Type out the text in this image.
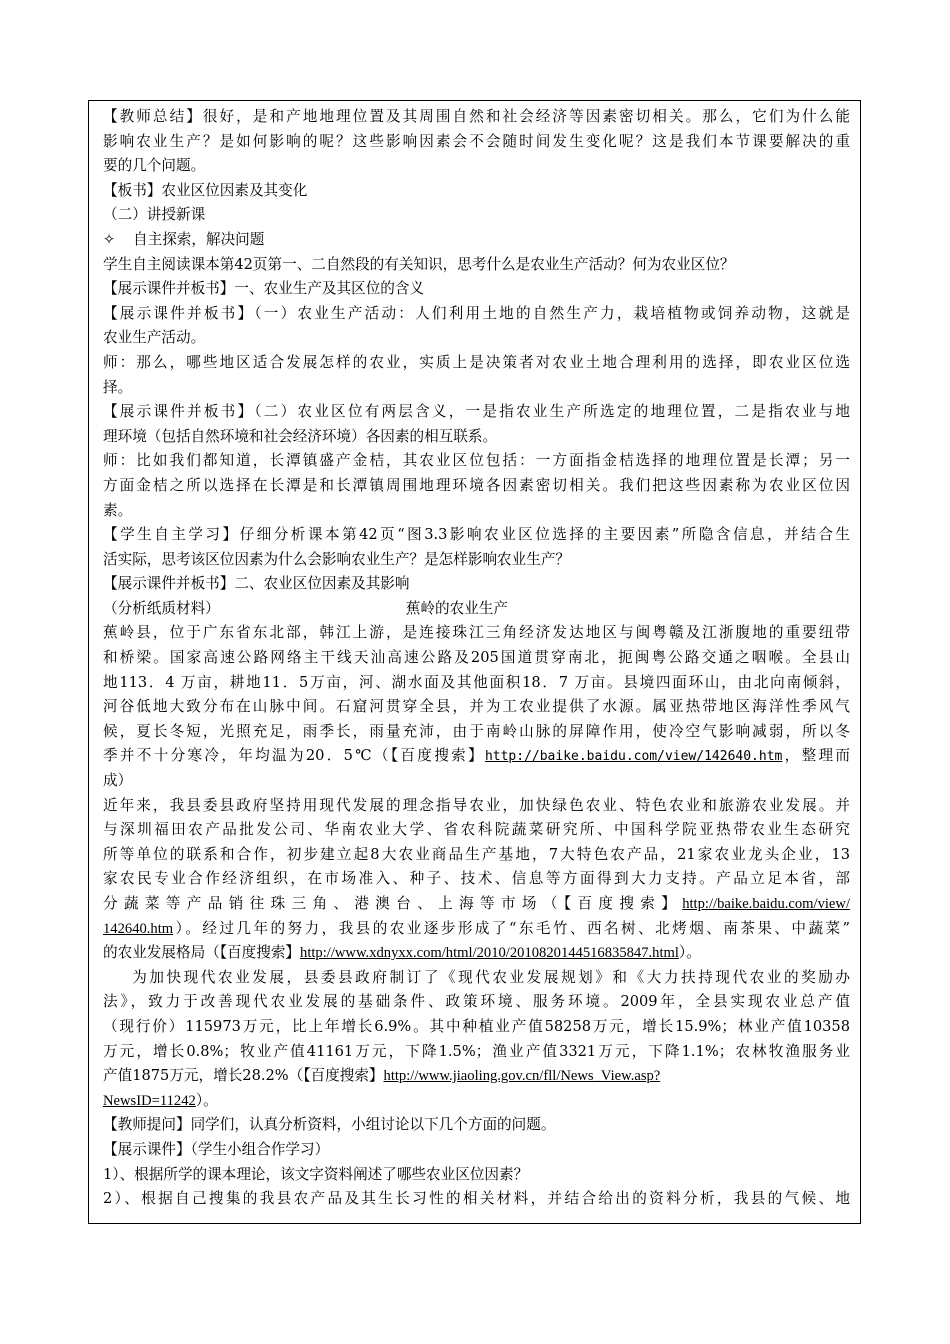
【教师总结】很好，是和产地地理位置及其周围自然和社会经济等因素密切相关。那么，它们为什么能
影响农业生产？是如何影响的呢？这些影响因素会不会随时间发生变化呢？这是我们本节课要解决的重
要的几个问题。
【板书】农业区位因素及其变化
（二）讲授新课
✧ 自主探索，解决问题
学生自主阅读课本第42页第一、二自然段的有关知识，思考什么是农业生产活动？何为农业区位？
【展示课件并板书】一、农业生产及其区位的含义
【展示课件并板书】（一）农业生产活动：人们利用土地的自然生产力，栽培植物或饲养动物，这就是
农业生产活动。
师：那么，哪些地区适合发展怎样的农业，实质上是决策者对农业土地合理利用的选择，即农业区位选
择。
【展示课件并板书】（二）农业区位有两层含义，一是指农业生产所选定的地理位置，二是指农业与地
理环境（包括自然环境和社会经济环境）各因素的相互联系。
师：比如我们都知道，长潭镇盛产金桔，其农业区位包括：一方面指金桔选择的地理位置是长潭；另一
方面金桔之所以选择在长潭是和长潭镇周围地理环境各因素密切相关。我们把这些因素称为农业区位因
素。
【学生自主学习】仔细分析课本第42页“图3.3影响农业区位选择的主要因素”所隐含信息，并结合生
活实际，思考该区位因素为什么会影响农业生产？是怎样影响农业生产？
【展示课件并板书】二、农业区位因素及其影响
（分析纸质材料）	蕉岭的农业生产
蕉岭县，位于广东省东北部，韩江上游，是连接珠江三角经济发达地区与闽粤赣及江浙腹地的重要纽带
和桥梁。国家高速公路网络主干线天汕高速公路及205国道贯穿南北，扼闽粤公路交通之咽喉。全县山
地113．4 万亩，耕地11．5万亩，河、湖水面及其他面积18．7 万亩。县境四面环山，由北向南倾斜，
河谷低地大致分布在山脉中间。石窟河贯穿全县，并为工农业提供了水源。属亚热带地区海洋性季风气
候，夏长冬短，光照充足，雨季长，雨量充沛，由于南岭山脉的屏障作用，使冷空气影响减弱，所以冬
季并不十分寒冷，年均温为20．5℃（【百度搜索】http://baike.baidu.com/view/142640.htm，整理而
成）
近年来，我县委县政府坚持用现代发展的理念指导农业，加快绿色农业、特色农业和旅游农业发展。并
与深圳福田农产品批发公司、华南农业大学、省农科院蔬菜研究所、中国科学院亚热带农业生态研究
所等单位的联系和合作，初步建立起8大农业商品生产基地，7大特色农产品，21家农业龙头企业，13
家农民专业合作经济组织，在市场准入、种子、技术、信息等方面得到大力支持。产品立足本省，部
分蔬菜等产品销往珠三角、港澳台、上海等市场（【百度搜索】http://baike.baidu.com/view/
142640.htm）。经过几年的努力，我县的农业逐步形成了“东毛竹、西名树、北烤烟、南茶果、中蔬菜”
的农业发展格局（【百度搜索】http://www.xdnyxx.com/html/2010/2010820144516835847.html）。
为加快现代农业发展，县委县政府制订了《现代农业发展规划》和《大力扶持现代农业的奖励办
法》，致力于改善现代农业发展的基础条件、政策环境、服务环境。2009年，全县实现农业总产值
（现行价）115973万元，比上年增长6.9%。其中种植业产值58258万元，增长15.9%；林业产值10358
万元，增长0.8%；牧业产值41161万元，下降1.5%；渔业产值3321万元，下降1.1%；农林牧渔服务业
产值1875万元，增长28.2%（【百度搜索】http://www.jiaoling.gov.cn/fll/News_View.asp?
NewsID=11242）。
【教师提问】同学们，认真分析资料，小组讨论以下几个方面的问题。
【展示课件】（学生小组合作学习）
1）、根据所学的课本理论，该文字资料阐述了哪些农业区位因素？
2）、根据自己搜集的我县农产品及其生长习性的相关材料，并结合给出的资料分析，我县的气候、地
